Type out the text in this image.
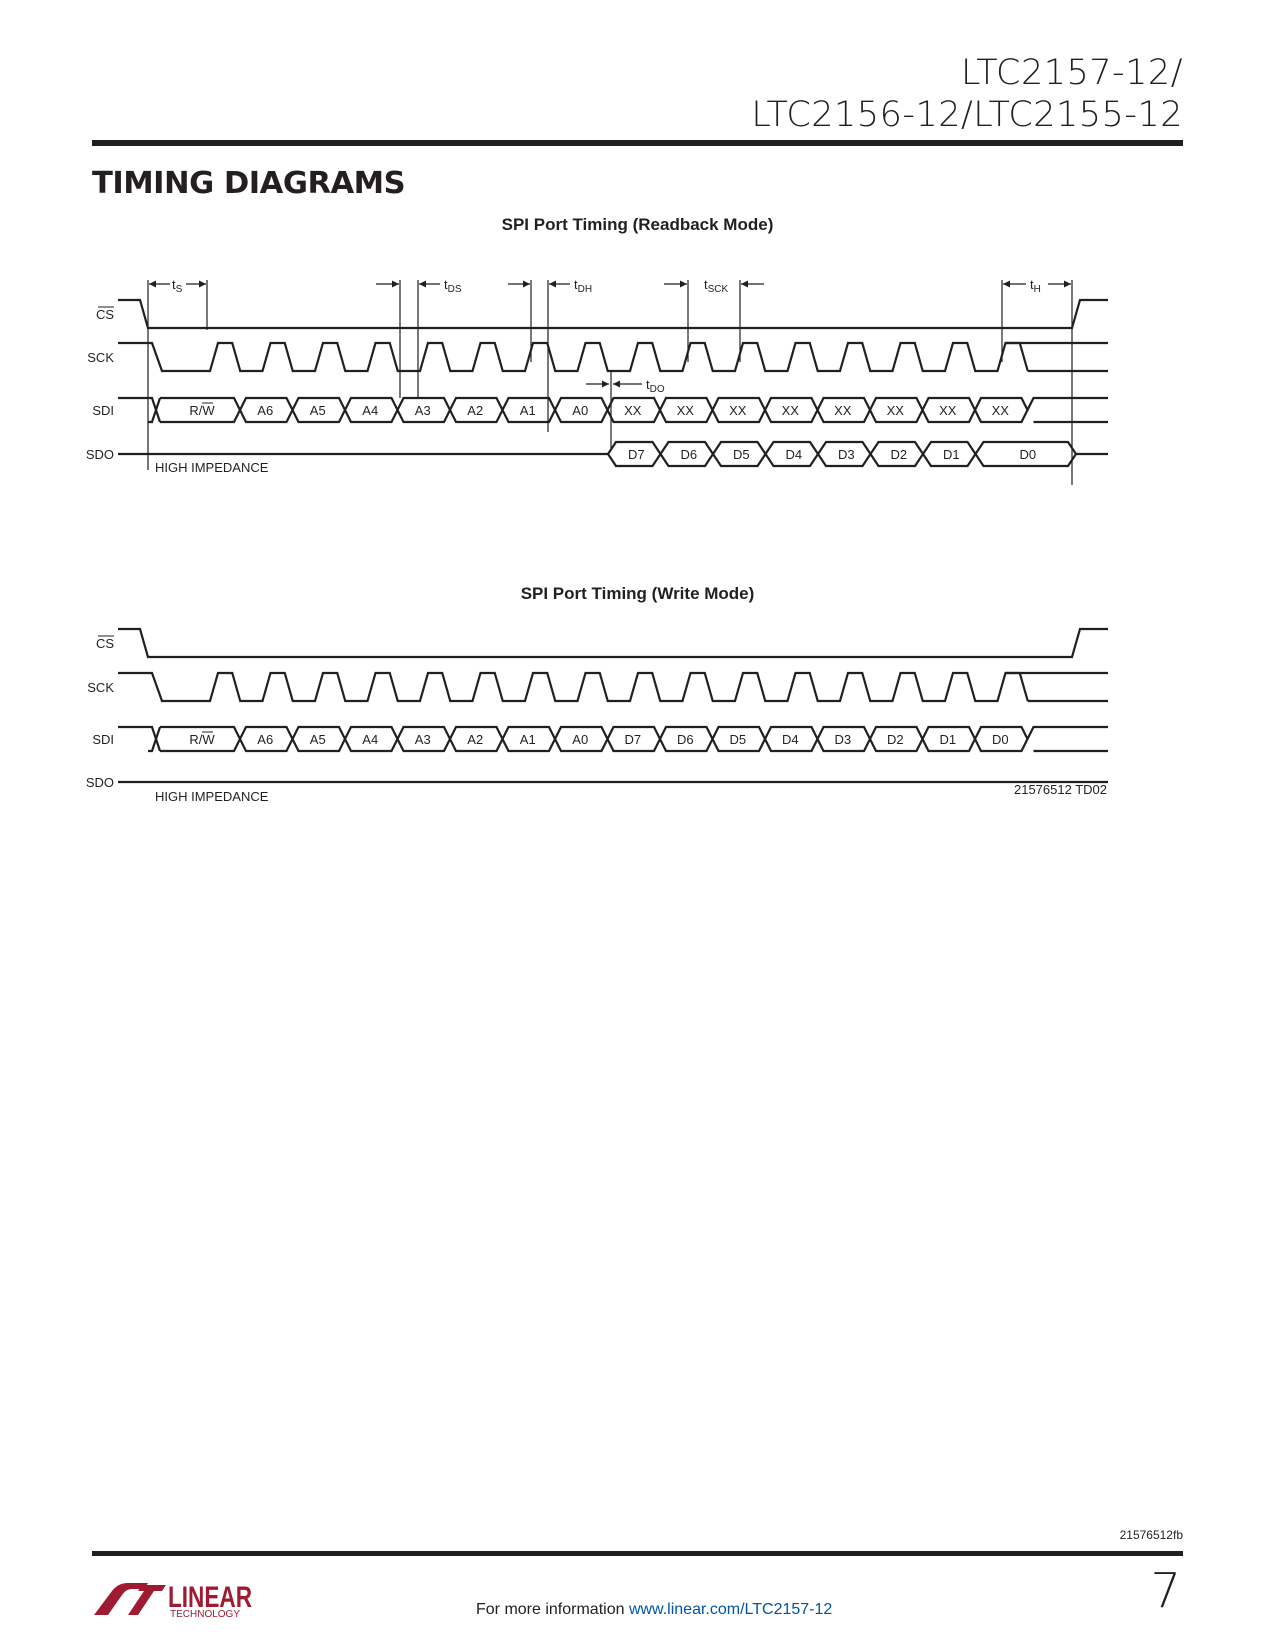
LTC2157-12/
LTC2156-12/LTC2155-12
TIMING DIAGRAMS
SPI Port Timing (Readback Mode)
CS
SCK
SDI
SDO
R/W	A6	A5	A4	A3	A2	A1	A0	XX	XX	XX	XX	XX	XX	XX	XX
HIGH IMPEDANCE
D7	D6	D5	D4	D3	D2	D1	D0
$t_S$	$t_{DS}$	$t_{DH}$	$t_{SCK}$	$t_H$
$t_{DO}$
SPI Port Timing (Write Mode)
CS
SCK
SDI
SDO
R/W	A6	A5	A4	A3	A2	A1	A0	D7	D6	D5	D4	D3	D2	D1	D0
HIGH IMPEDANCE	21576512 TD02
21576512fb
7
LINEAR
TECHNOLOGY	For more information www.linear.com/LTC2157-12
